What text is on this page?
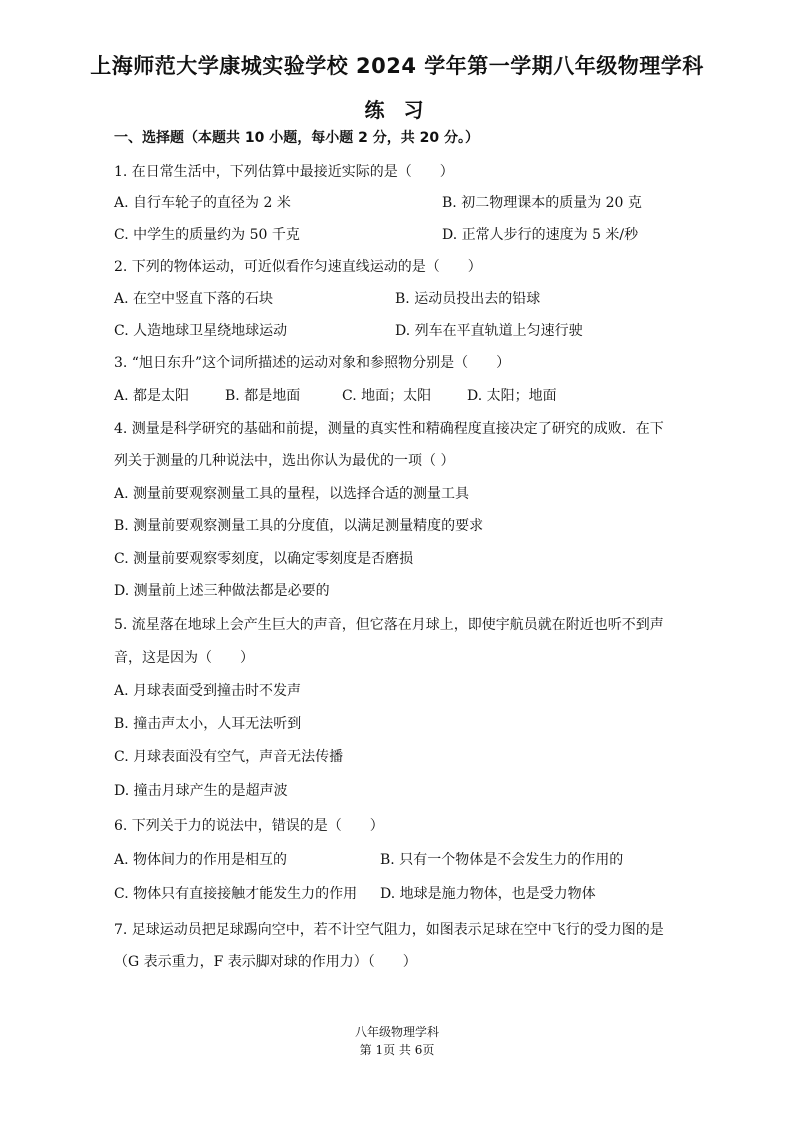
上海师范大学康城实验学校 2024 学年第一学期八年级物理学科
练 习
一、选择题（本题共 10 小题，每小题 2 分，共 20 分。）
1. 在日常生活中，下列估算中最接近实际的是（　　）
A. 自行车轮子的直径为 2 米	B. 初二物理课本的质量为 20 克
C. 中学生的质量约为 50 千克	D. 正常人步行的速度为 5 米/秒
2. 下列的物体运动，可近似看作匀速直线运动的是（　　）
A. 在空中竖直下落的石块	B. 运动员投出去的铅球
C. 人造地球卫星绕地球运动	D. 列车在平直轨道上匀速行驶
3. “旭日东升”这个词所描述的运动对象和参照物分别是（　　）
A. 都是太阳	B. 都是地面	C. 地面；太阳	D. 太阳；地面
4. 测量是科学研究的基础和前提，测量的真实性和精确程度直接决定了研究的成败．在下
列关于测量的几种说法中，选出你认为最优的一项（ ）
A. 测量前要观察测量工具的量程，以选择合适的测量工具
B. 测量前要观察测量工具的分度值，以满足测量精度的要求
C. 测量前要观察零刻度，以确定零刻度是否磨损
D. 测量前上述三种做法都是必要的
5. 流星落在地球上会产生巨大的声音，但它落在月球上，即使宇航员就在附近也听不到声
音，这是因为（　　）
A. 月球表面受到撞击时不发声
B. 撞击声太小，人耳无法听到
C. 月球表面没有空气，声音无法传播
D. 撞击月球产生的是超声波
6. 下列关于力的说法中，错误的是（　　）
A. 物体间力的作用是相互的	B. 只有一个物体是不会发生力的作用的
C. 物体只有直接接触才能发生力的作用 D. 地球是施力物体，也是受力物体
7. 足球运动员把足球踢向空中，若不计空气阻力，如图表示足球在空中飞行的受力图的是
（G 表示重力，F 表示脚对球的作用力）（　　）
八年级物理学科
第 1页 共 6页
